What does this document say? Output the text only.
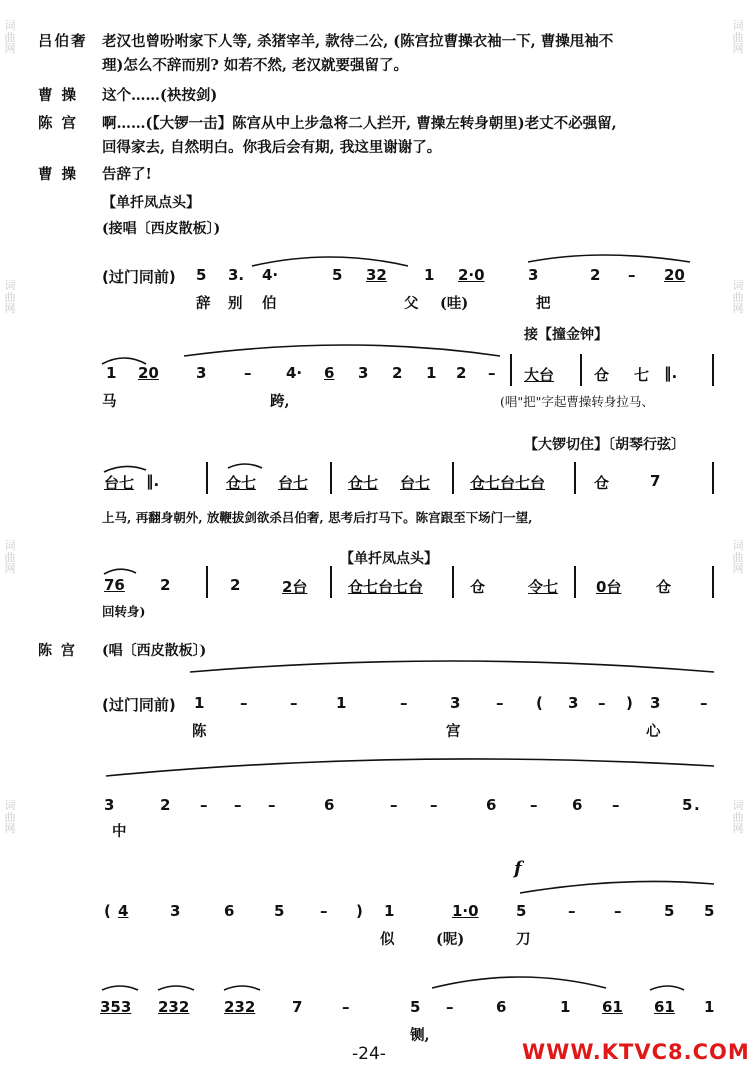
词
曲
网
词
曲
网
词
曲
网
词
曲
网
词
曲
网
词
曲
网
词
曲
网
词
曲
网
吕伯奢	老汉也曾吩咐家下人等, 杀猪宰羊, 款待二公, (陈宫拉曹操衣袖一下, 曹操甩袖不
理)怎么不辞而别? 如若不然, 老汉就要强留了。
曹 操	这个……(袂按剑)
陈 宫	啊……(【大锣一击】陈宫从中上步急将二人拦开, 曹操左转身朝里)老丈不必强留,
回得家去, 自然明白。你我后会有期, 我这里谢谢了。
曹 操	告辞了!
【单扦凤点头】
(接唱〔西皮散板〕)
(过门同前) 5 3. 4·	5 32 1 2·0	3	2 – 20
辞 别 伯	父 (哇)	把
接【撞金钟】
1 20 3	– 4· 6 3 2 1 2 – 大台	仓 七 ‖.
马	跨,	(唱"把"字起曹操转身拉马、
【大锣切住】〔胡琴行弦〕
台七 ‖.	仓七 台七	仓七 台七	仓七台七台	仓	7
上马, 再翻身朝外, 放鞭拔剑欲杀吕伯奢, 思考后打马下。陈宫跟至下场门一望,
【单扦凤点头】
76 2	2	2台	仓七台七台	仓	令七	0台 仓
回转身)
陈 宫 (唱〔西皮散板〕)
(过门同前) 1 –	–	1	–	3 – ( 3 – ) 3	–
陈	宫	心
3	2 – – –	6	– –	6 – 6 –	5 .
中
f
( 4	3	6	5 – ) 1	1·0 5	–	–	5 5
似	(呢)	刀
353 232 232 7	–	5 –	6	1 61 61 1
铡,
-24-	WWW.KTVC8.COM
